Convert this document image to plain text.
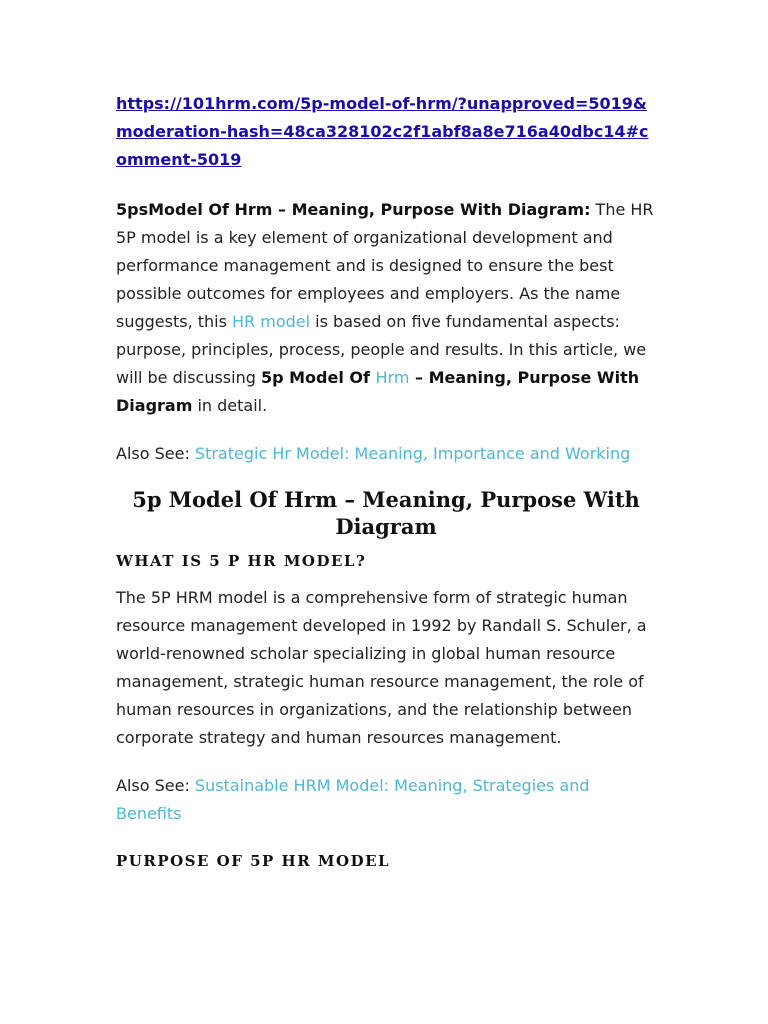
https://101hrm.com/5p-model-of-hrm/?unapproved=5019&moderation-hash=48ca328102c2f1abf8a8e716a40dbc14#comment-5019

5psModel Of Hrm – Meaning, Purpose With Diagram: The HR 5P model is a key element of organizational development and performance management and is designed to ensure the best possible outcomes for employees and employers. As the name suggests, this HR model is based on five fundamental aspects: purpose, principles, process, people and results. In this article, we will be discussing 5p Model Of Hrm – Meaning, Purpose With Diagram in detail.

Also See: Strategic Hr Model: Meaning, Importance and Working

5p Model Of Hrm – Meaning, Purpose With Diagram
WHAT IS 5 P HR MODEL?

The 5P HRM model is a comprehensive form of strategic human resource management developed in 1992 by Randall S. Schuler, a world-renowned scholar specializing in global human resource management, strategic human resource management, the role of human resources in organizations, and the relationship between corporate strategy and human resources management.

Also See: Sustainable HRM Model: Meaning, Strategies and Benefits

PURPOSE OF 5P HR MODEL
